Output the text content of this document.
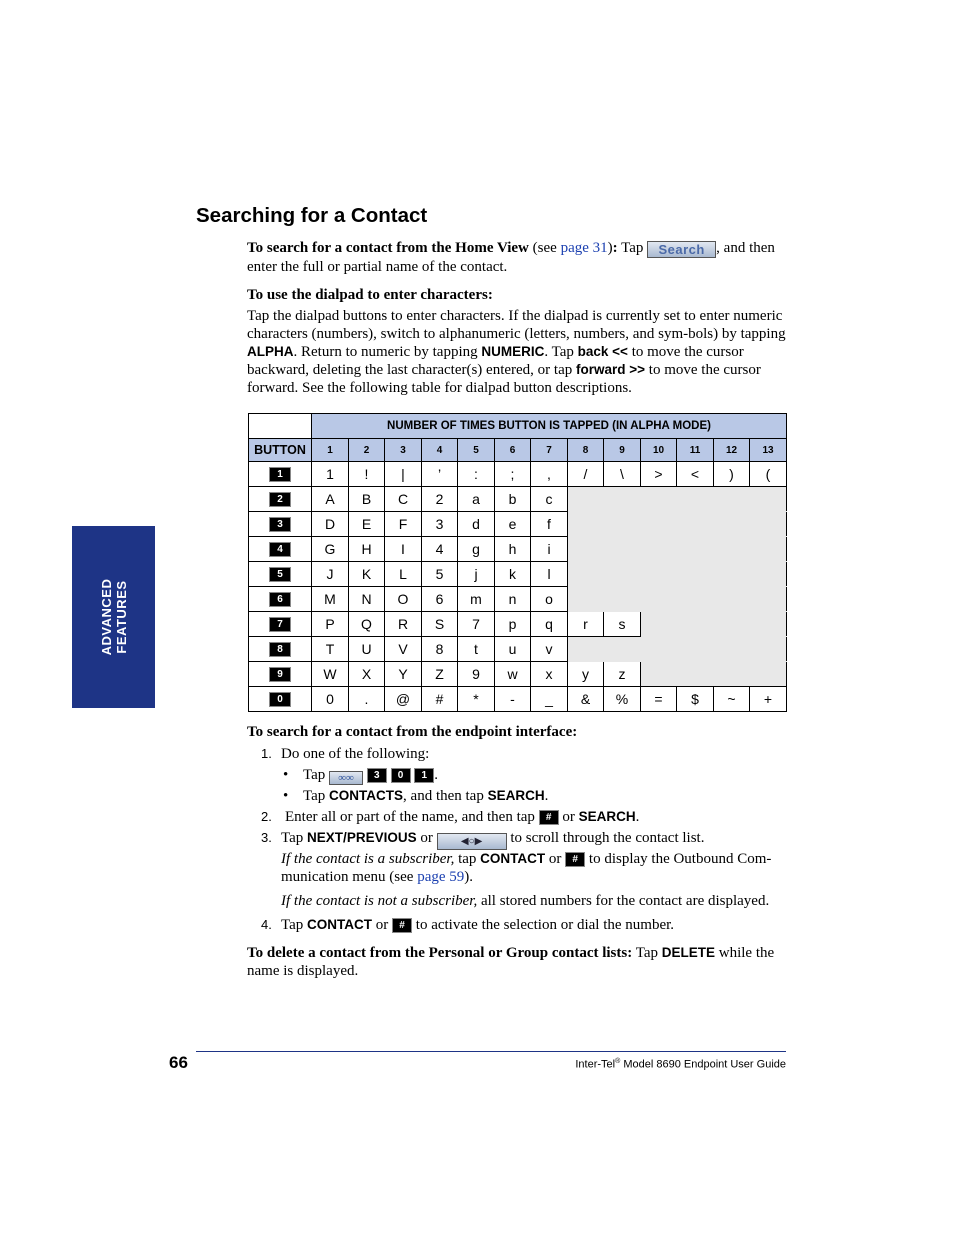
ADVANCED FEATURES
Searching for a Contact
To search for a contact from the Home View (see page 31): Tap Search , and then enter the full or partial name of the contact.
To use the dialpad to enter characters:
Tap the dialpad buttons to enter characters. If the dialpad is currently set to enter numeric characters (numbers), switch to alphanumeric (letters, numbers, and sym-bols) by tapping ALPHA. Return to numeric by tapping NUMERIC. Tap back << to move the cursor backward, deleting the last character(s) entered, or tap forward >> to move the cursor forward. See the following table for dialpad button descriptions.
	NUMBER OF TIMES BUTTON IS TAPPED (IN ALPHA MODE)												
BUTTON	1	2	3	4	5	6	7	8	9	10	11	12	13
1	1	!	|	’	:	;	,	/	\	>	<	)	(
2	A	B	C	2	a	b	c						
3	D	E	F	3	d	e	f						
4	G	H	I	4	g	h	i						
5	J	K	L	5	j	k	l						
6	M	N	O	6	m	n	o						
7	P	Q	R	S	7	p	q	r	s				
8	T	U	V	8	t	u	v						
9	W	X	Y	Z	9	w	x	y	z				
0	0	.	@	#	*	-	_	&	%	=	$	~	+
To search for a contact from the endpoint interface:
1. Do one of the following:
• Tap ∞∞ 3 0 1 .
• Tap CONTACTS, and then tap SEARCH.
2. Enter all or part of the name, and then tap # or SEARCH.
3. Tap NEXT/PREVIOUS or ◀○▶ to scroll through the contact list.
If the contact is a subscriber, tap CONTACT or # to display the Outbound Com-munication menu (see page 59).
If the contact is not a subscriber, all stored numbers for the contact are displayed.
4. Tap CONTACT or # to activate the selection or dial the number.
To delete a contact from the Personal or Group contact lists: Tap DELETE while the name is displayed.
66	Inter-Tel® Model 8690 Endpoint User Guide
